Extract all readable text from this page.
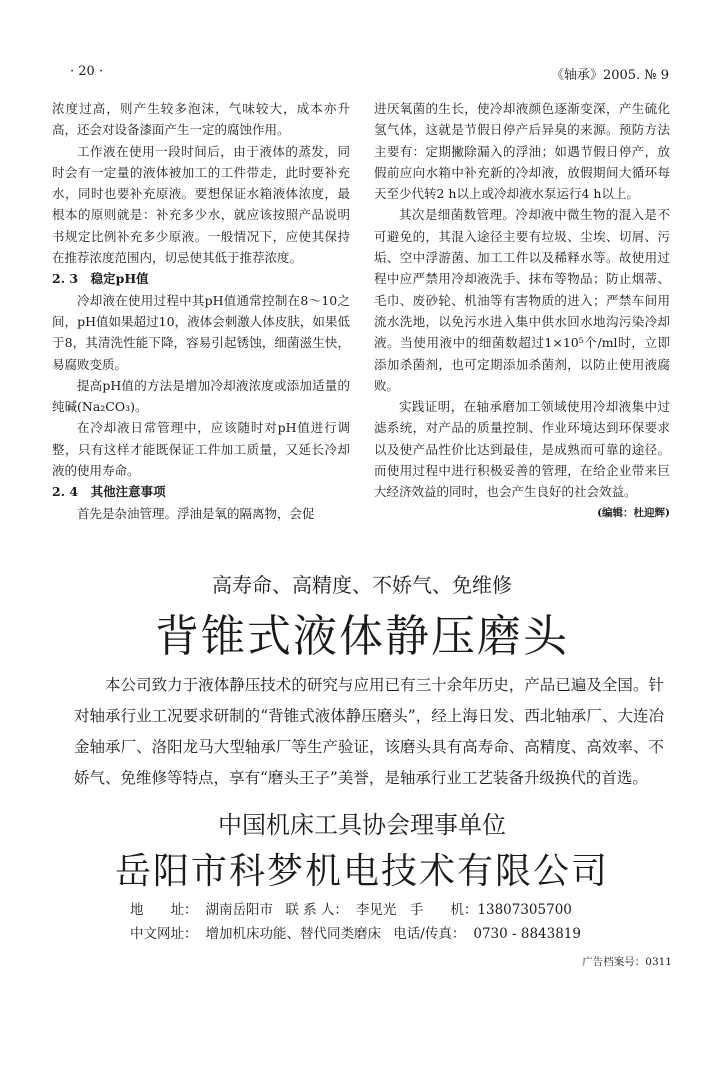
· 20 ·	《轴承》2005. № 9

浓度过高，则产生较多泡沫，气味较大，成本亦升高，还会对设备漆面产生一定的腐蚀作用。

工作液在使用一段时间后，由于液体的蒸发，同时会有一定量的液体被加工的工件带走，此时要补充水，同时也要补充原液。要想保证水箱液体浓度，最根本的原则就是：补充多少水，就应该按照产品说明书规定比例补充多少原液。一般情况下，应使其保持在推荐浓度范围内，切忌使其低于推荐浓度。

2. 3　稳定pH值

冷却液在使用过程中其pH值通常控制在8～10之间，pH值如果超过10，液体会刺激人体皮肤，如果低于8，其清洗性能下降，容易引起锈蚀，细菌滋生快，易腐败变质。

提高pH值的方法是增加冷却液浓度或添加适量的纯碱(Na₂CO₃)。

在冷却液日常管理中，应该随时对pH值进行调整，只有这样才能既保证工件加工质量，又延长冷却液的使用寿命。

2. 4　其他注意事项

首先是杂油管理。浮油是氧的隔离物，会促

进厌氧菌的生长，使冷却液颜色逐渐变深，产生硫化氢气体，这就是节假日停产后异臭的来源。预防方法主要有：定期撇除漏入的浮油；如遇节假日停产，放假前应向水箱中补充新的冷却液，放假期间大循环每天至少代转2 h以上或冷却液水泵运行4 h以上。

其次是细菌数管理。冷却液中微生物的混入是不可避免的，其混入途径主要有垃圾、尘埃、切屑、污垢、空中浮游菌、加工工件以及稀释水等。故使用过程中应严禁用冷却液洗手、抹布等物品；防止烟蒂、毛巾、废砂轮、机油等有害物质的进入；严禁车间用流水洗地，以免污水进入集中供水回水地沟污染冷却液。当使用液中的细菌数超过1×10⁵个/ml时，立即添加杀菌剂，也可定期添加杀菌剂，以防止使用液腐败。

实践证明，在轴承磨加工领域使用冷却液集中过滤系统，对产品的质量控制、作业环境达到环保要求以及使产品性价比达到最佳，是成熟而可靠的途径。而使用过程中进行积极妥善的管理，在给企业带来巨大经济效益的同时，也会产生良好的社会效益。

(编辑：杜迎辉)

高寿命、高精度、不娇气、免维修
背锥式液体静压磨头
本公司致力于液体静压技术的研究与应用已有三十余年历史，产品已遍及全国。针对轴承行业工况要求研制的“背锥式液体静压磨头”，经上海日发、西北轴承厂、大连冶金轴承厂、洛阳龙马大型轴承厂等生产验证，该磨头具有高寿命、高精度、高效率、不娇气、免维修等特点，享有“磨头王子”美誉，是轴承行业工艺装备升级换代的首选。
中国机床工具协会理事单位
岳阳市科梦机电技术有限公司
地　　址： 湖南岳阳市 联 系 人： 李见光　手　　机：13807305700
中文网址： 增加机床功能、替代同类磨床 电话/传真： 0730 - 8843819
广告档案号：0311
